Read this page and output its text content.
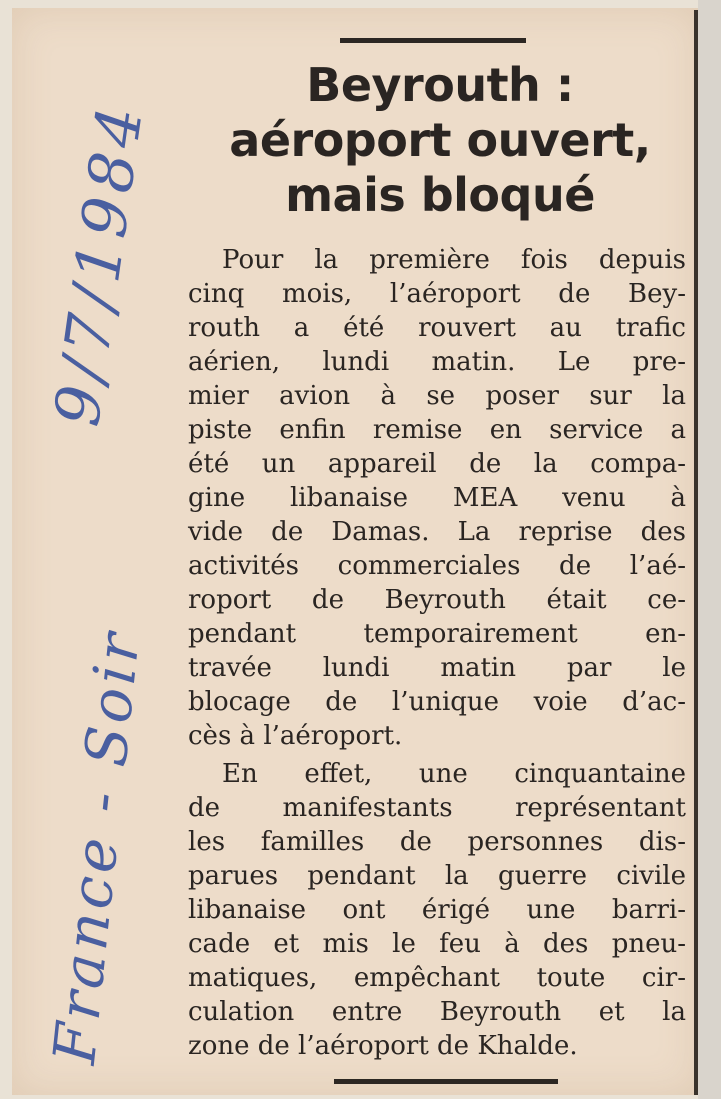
Beyrouth :
aéroport ouvert,
mais bloqué
Pour la première fois depuis
cinq mois, l’aéroport de Bey-
routh a été rouvert au trafic
aérien, lundi matin. Le pre-
mier avion à se poser sur la
piste enfin remise en service a
été un appareil de la compa-
gine libanaise MEA venu à
vide de Damas. La reprise des
activités commerciales de l’aé-
roport de Beyrouth était ce-
pendant temporairement en-
travée lundi matin par le
blocage de l’unique voie d’ac-
cès à l’aéroport.
En effet, une cinquantaine
de manifestants représentant
les familles de personnes dis-
parues pendant la guerre civile
libanaise ont érigé une barri-
cade et mis le feu à des pneu-
matiques, empêchant toute cir-
culation entre Beyrouth et la
zone de l’aéroport de Khalde.
9/7/1984
France - Soir
